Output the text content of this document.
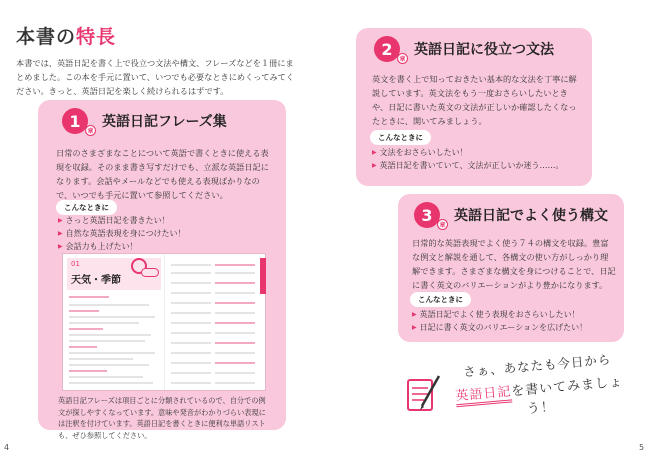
本書の特長

本書では、英語日記を書く上で役立つ文法や構文、フレーズなどを１冊にまとめました。この本を手元に置いて、いつでも必要なときにめくってみてください。きっと、英語日記を楽しく続けられるはずです。

1
章
英語日記フレーズ集

日常のさまざまなことについて英語で書くときに使える表現を収録。そのまま書き写すだけでも、立派な英語日記になります。会話やメールなどでも使える表現ばかりなので、いつでも手元に置いて参照してください。

こんなときに
▶ さっと英語日記を書きたい！
▶ 自然な英語表現を身につけたい！
▶ 会話力も上げたい！
01
天気・季節

英語日記フレーズは項目ごとに分類されているので、自分での例文が探しやすくなっています。意味や発音がわかりづらい表現には注釈を付けています。英語日記を書くときに便利な単語リストも、ぜひ参照してください。

2
章
英語日記に役立つ文法

英文を書く上で知っておきたい基本的な文法を丁寧に解説しています。英文法をもう一度おさらいしたいときや、日記に書いた英文の文法が正しいか確認したくなったときに、開いてみましょう。

こんなときに
▶ 文法をおさらいしたい！
▶ 英語日記を書いていて、文法が正しいか迷う……。
3
章
英語日記でよく使う構文

日常的な英語表現でよく使う７４の構文を収録。豊富な例文と解説を通して、各構文の使い方がしっかり理解できます。さまざまな構文を身につけることで、日記に書く英文のバリエーションがより豊かになります。

こんなときに
▶ 英語日記でよく使う表現をおさらいしたい！
▶ 日記に書く英文のバリエーションを広げたい！
さぁ、あなたも今日から
英語日記を書いてみましょう！
4	5
